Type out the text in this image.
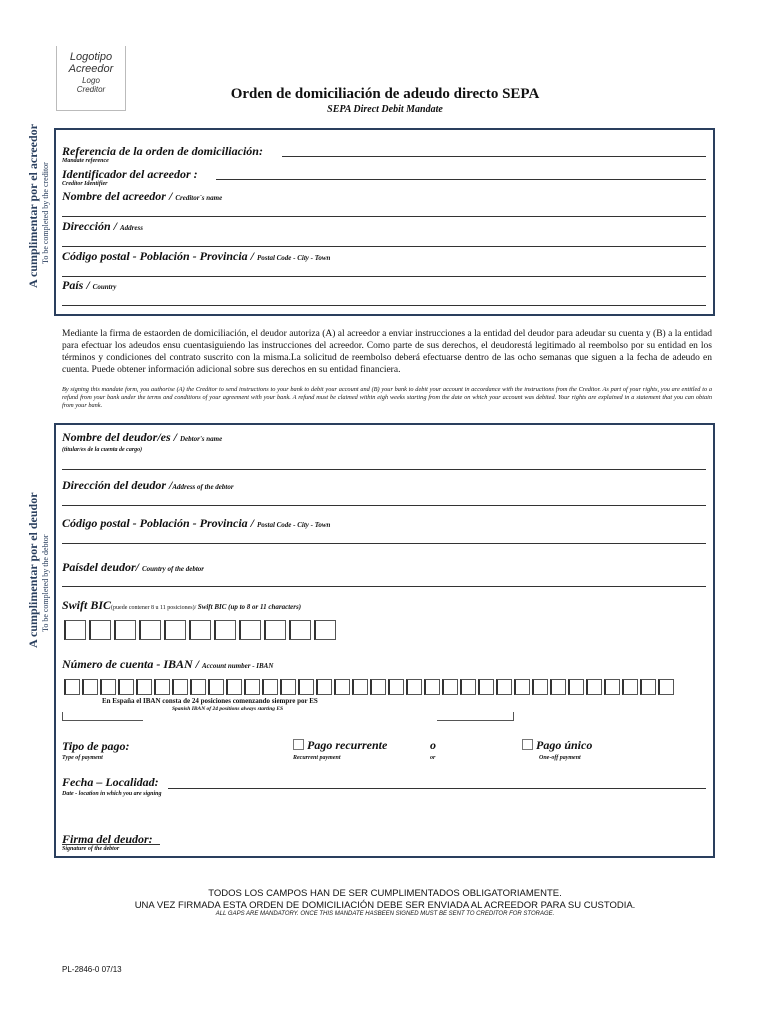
Logotipo
Acreedor
Logo
Creditor	Orden de domiciliación de adeudo directo SEPA
SEPA Direct Debit Mandate
A cumplimentar por el acreedor To be completed by the creditor
Referencia de la orden de domiciliación:
Mandate reference
Identificador del acreedor :
Creditor Identifier
Nombre del acreedor / Creditor´s name
Dirección / Address
Código postal - Población - Provincia / Postal Code - City - Town
País / Country
Mediante la firma de estaorden de domiciliación, el deudor autoriza (A) al acreedor a enviar instrucciones a la entidad del deudor para adeudar su cuenta y (B) a la entidad para efectuar los adeudos ensu cuentasiguiendo las instrucciones del acreedor. Como parte de sus derechos, el deudorestá legitimado al reembolso por su entidad en los términos y condiciones del contrato suscrito con la misma.La solicitud de reembolso deberá efectuarse dentro de las ocho semanas que siguen a la fecha de adeudo en cuenta. Puede obtener información adicional sobre sus derechos en su entidad financiera.
By signing this mandate form, you authorise (A) the Creditor to send instructions to your bank to debit your account and (B) your bank to debit your account in accordance with the instructions from the Creditor. As part of your rights, you are entitled to a refund from your bank under the terms and conditions of your agreement with your bank. A refund must be claimed within eigh weeks starting from the date on which your account was debited. Your rights are explained in a statement that you can obtain from your bank.
A cumplimentar por el deudor To be completed by the debtor
Nombre del deudor/es / Debtor's name
(titular/es de la cuenta de cargo)
Dirección del deudor /Address of the debtor
Código postal - Población - Provincia / Postal Code - City - Town
Paísdel deudor/ Country of the debtor
Swift BIC(puede contener 8 u 11 posiciones)/ Swift BIC (up to 8 or 11 characters)
Número de cuenta - IBAN / Account number - IBAN
En España el IBAN consta de 24 posiciones comenzando siempre por ES
Spanish IBAN of 24 positions always starting ES
Tipo de pago:
Type of payment
Pago recurrente
Recurrent payment
o
or
Pago único
One-off payment
Fecha – Localidad:
Date - location in which you are signing
Firma del deudor:
Signature of the debtor
TODOS LOS CAMPOS HAN DE SER CUMPLIMENTADOS OBLIGATORIAMENTE.
UNA VEZ FIRMADA ESTA ORDEN DE DOMICILIACIÓN DEBE SER ENVIADA AL ACREEDOR PARA SU CUSTODIA.
ALL GAPS ARE MANDATORY. ONCE THIS MANDATE HASBEEN SIGNED MUST BE SENT TO CREDITOR FOR STORAGE.
PL-2846-0 07/13
